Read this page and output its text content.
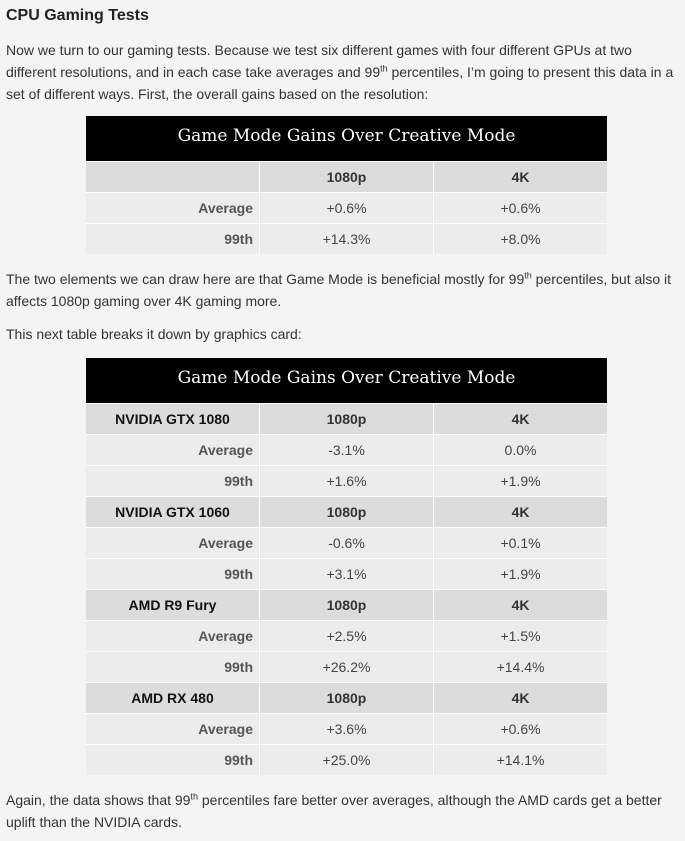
CPU Gaming Tests

Now we turn to our gaming tests. Because we test six different games with four different GPUs at two different resolutions, and in each case take averages and 99th percentiles, I’m going to present this data in a set of different ways. First, the overall gains based on the resolution:

Game Mode Gains Over Creative Mode		
	1080p	4K
Average	+0.6%	+0.6%
99th	+14.3%	+8.0%

The two elements we can draw here are that Game Mode is beneficial mostly for 99th percentiles, but also it affects 1080p gaming over 4K gaming more.

This next table breaks it down by graphics card:

Game Mode Gains Over Creative Mode		
NVIDIA GTX 1080	1080p	4K
Average	-3.1%	0.0%
99th	+1.6%	+1.9%
NVIDIA GTX 1060	1080p	4K
Average	-0.6%	+0.1%
99th	+3.1%	+1.9%
AMD R9 Fury	1080p	4K
Average	+2.5%	+1.5%
99th	+26.2%	+14.4%
AMD RX 480	1080p	4K
Average	+3.6%	+0.6%
99th	+25.0%	+14.1%

Again, the data shows that 99th percentiles fare better over averages, although the AMD cards get a better uplift than the NVIDIA cards.
